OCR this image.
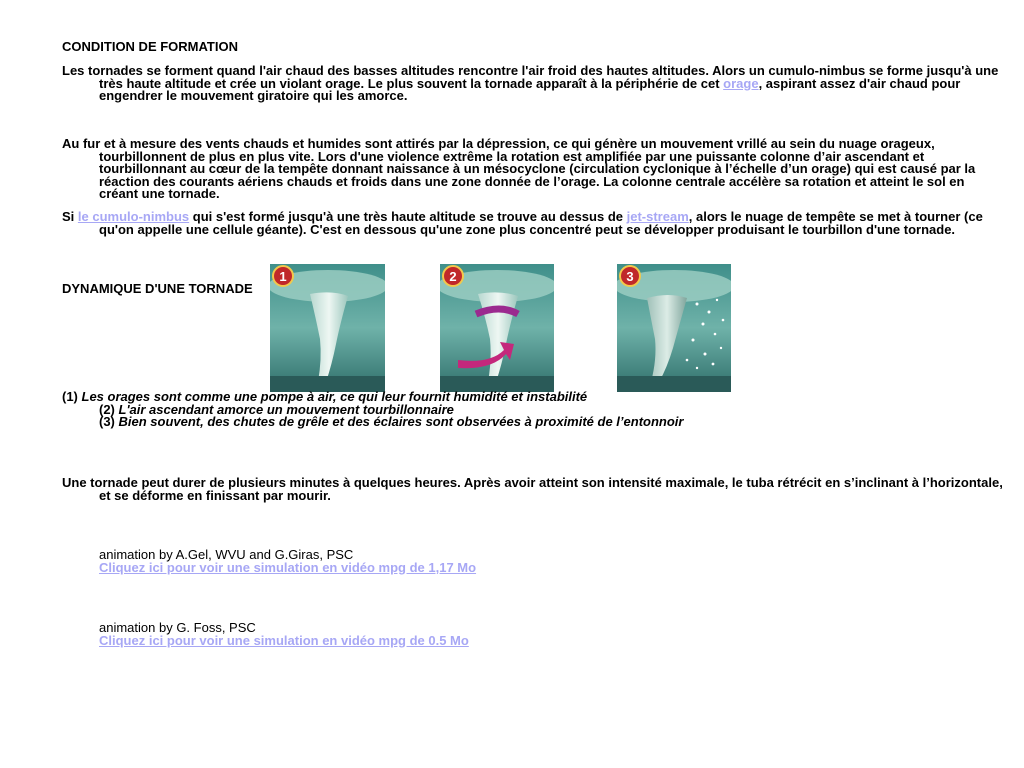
CONDITION DE FORMATION
Les tornades se forment quand l'air chaud des basses altitudes rencontre l'air froid des hautes altitudes. Alors un cumulo-nimbus se forme jusqu'à une très haute altitude et crée un violant orage. Le plus souvent la tornade apparaît à la périphérie de cet orage, aspirant assez d'air chaud pour engendrer le mouvement giratoire qui les amorce.
Au fur et à mesure des vents chauds et humides sont attirés par la dépression, ce qui génère un mouvement vrillé au sein du nuage orageux, tourbillonnent de plus en plus vite. Lors d'une violence extrême la rotation est amplifiée par une puissante colonne d’air ascendant et tourbillonnant au cœur de la tempête donnant naissance à un mésocyclone (circulation cyclonique à l’échelle d’un orage) qui est causé par la réaction des courants aériens chauds et froids dans une zone donnée de l’orage. La colonne centrale accélère sa rotation et atteint le sol en créant une tornade.
Si le cumulo-nimbus qui s'est formé jusqu'à une très haute altitude se trouve au dessus de jet-stream, alors le nuage de tempête se met à tourner (ce qu'on appelle une cellule géante). C'est en dessous qu'une zone plus concentré peut se développer produisant le tourbillon d'une tornade.
DYNAMIQUE D'UNE TORNADE
1	2	3
(1) Les orages sont comme une pompe à air, ce qui leur fournit humidité et instabilité
(2) L'air ascendant amorce un mouvement tourbillonnaire
(3) Bien souvent, des chutes de grêle et des éclaires sont observées à proximité de l’entonnoir
Une tornade peut durer de plusieurs minutes à quelques heures. Après avoir atteint son intensité maximale, le tuba rétrécit en s’inclinant à l’horizontale, et se déforme en finissant par mourir.
animation by A.Gel, WVU and G.Giras, PSC
Cliquez ici pour voir une simulation en vidéo mpg de 1,17 Mo
animation by G. Foss, PSC
Cliquez ici pour voir une simulation en vidéo mpg de 0.5 Mo
